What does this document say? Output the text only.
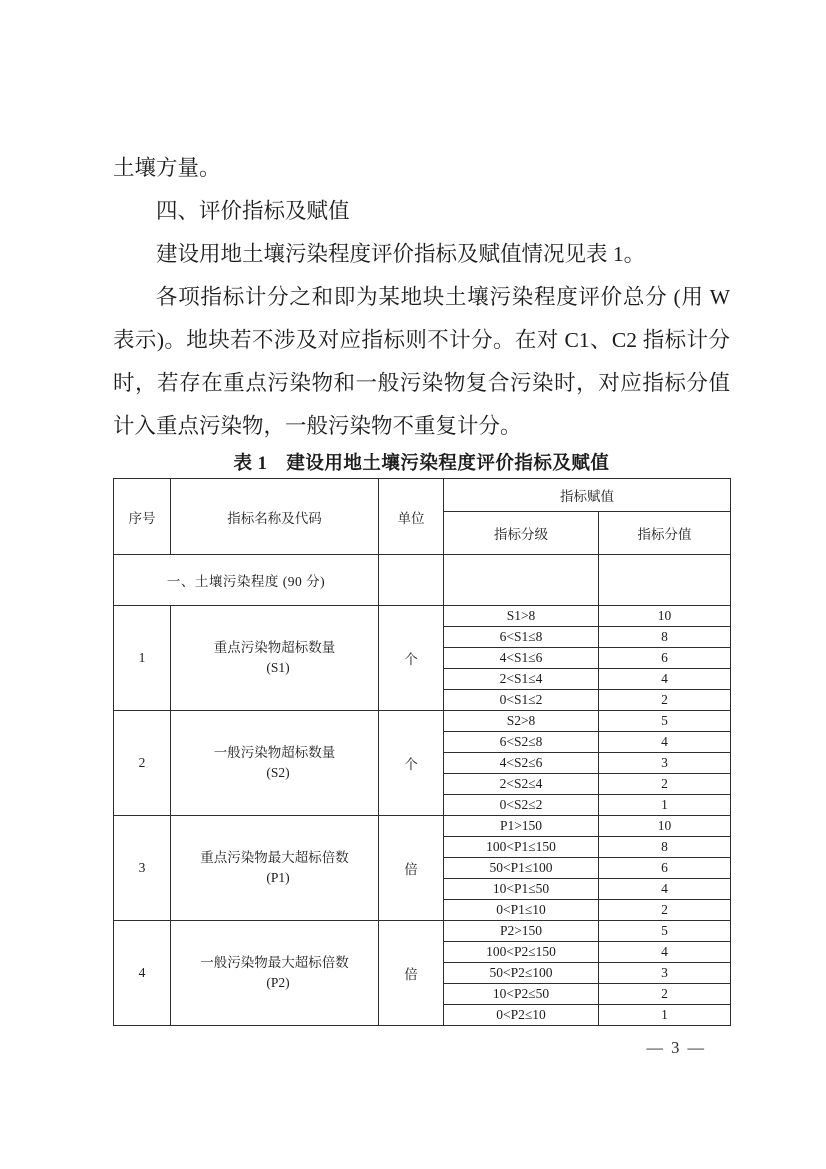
土壤方量。
四、评价指标及赋值
建设用地土壤污染程度评价指标及赋值情况见表 1。
各项指标计分之和即为某地块土壤污染程度评价总分 (用 W
表示)。地块若不涉及对应指标则不计分。在对 C1、C2 指标计分
时，若存在重点污染物和一般污染物复合污染时，对应指标分值
计入重点污染物，一般污染物不重复计分。
表 1　建设用地土壤污染程度评价指标及赋值
序号	指标名称及代码	单位	指标赋值	
			指标分级	指标分值
一、土壤污染程度 (90 分)				
1	重点污染物超标数量
(S1)	个	S1>8	10
			6<S1≤8	8
			4<S1≤6	6
			2<S1≤4	4
			0<S1≤2	2
2	一般污染物超标数量
(S2)	个	S2>8	5
			6<S2≤8	4
			4<S2≤6	3
			2<S2≤4	2
			0<S2≤2	1
3	重点污染物最大超标倍数
(P1)	倍	P1>150	10
			100<P1≤150	8
			50<P1≤100	6
			10<P1≤50	4
			0<P1≤10	2
4	一般污染物最大超标倍数
(P2)	倍	P2>150	5
			100<P2≤150	4
			50<P2≤100	3
			10<P2≤50	2
			0<P2≤10	1
— 3 —
